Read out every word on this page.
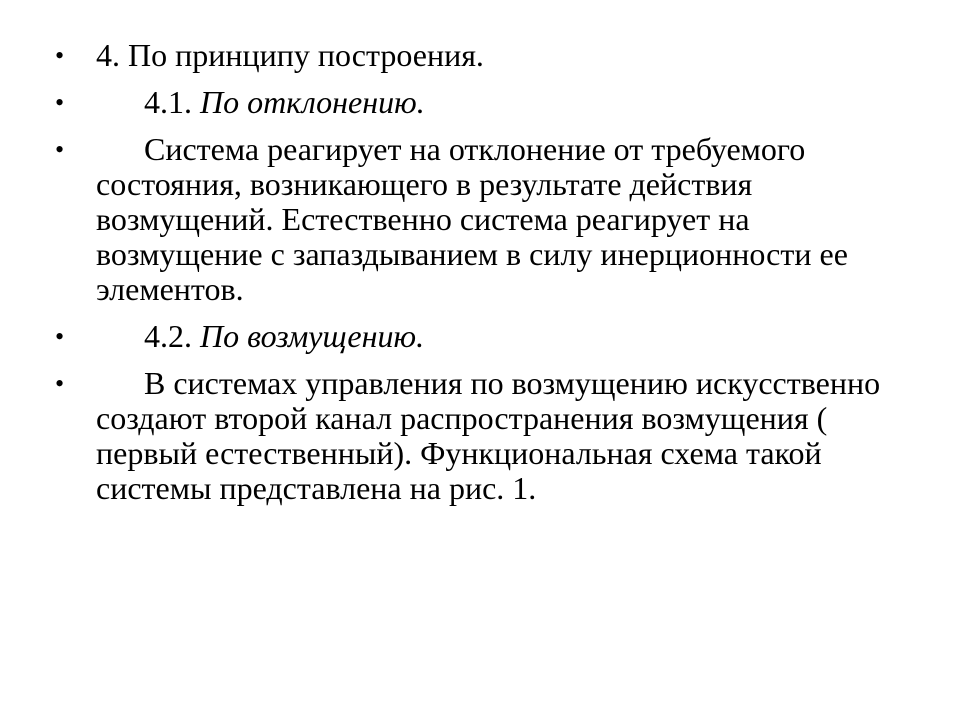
• 4. По принципу построения.
• 4.1. По отклонению.
• Система реагирует на отклонение от требуемого состояния, возникающего в результате действия возмущений. Естественно система реагирует на возмущение с запаздыванием в силу инерционности ее элементов.
• 4.2. По возмущению.
• В системах управления по возмущению искусственно создают второй канал распространения возмущения ( первый естественный). Функциональная схема такой системы представлена на рис. 1.
